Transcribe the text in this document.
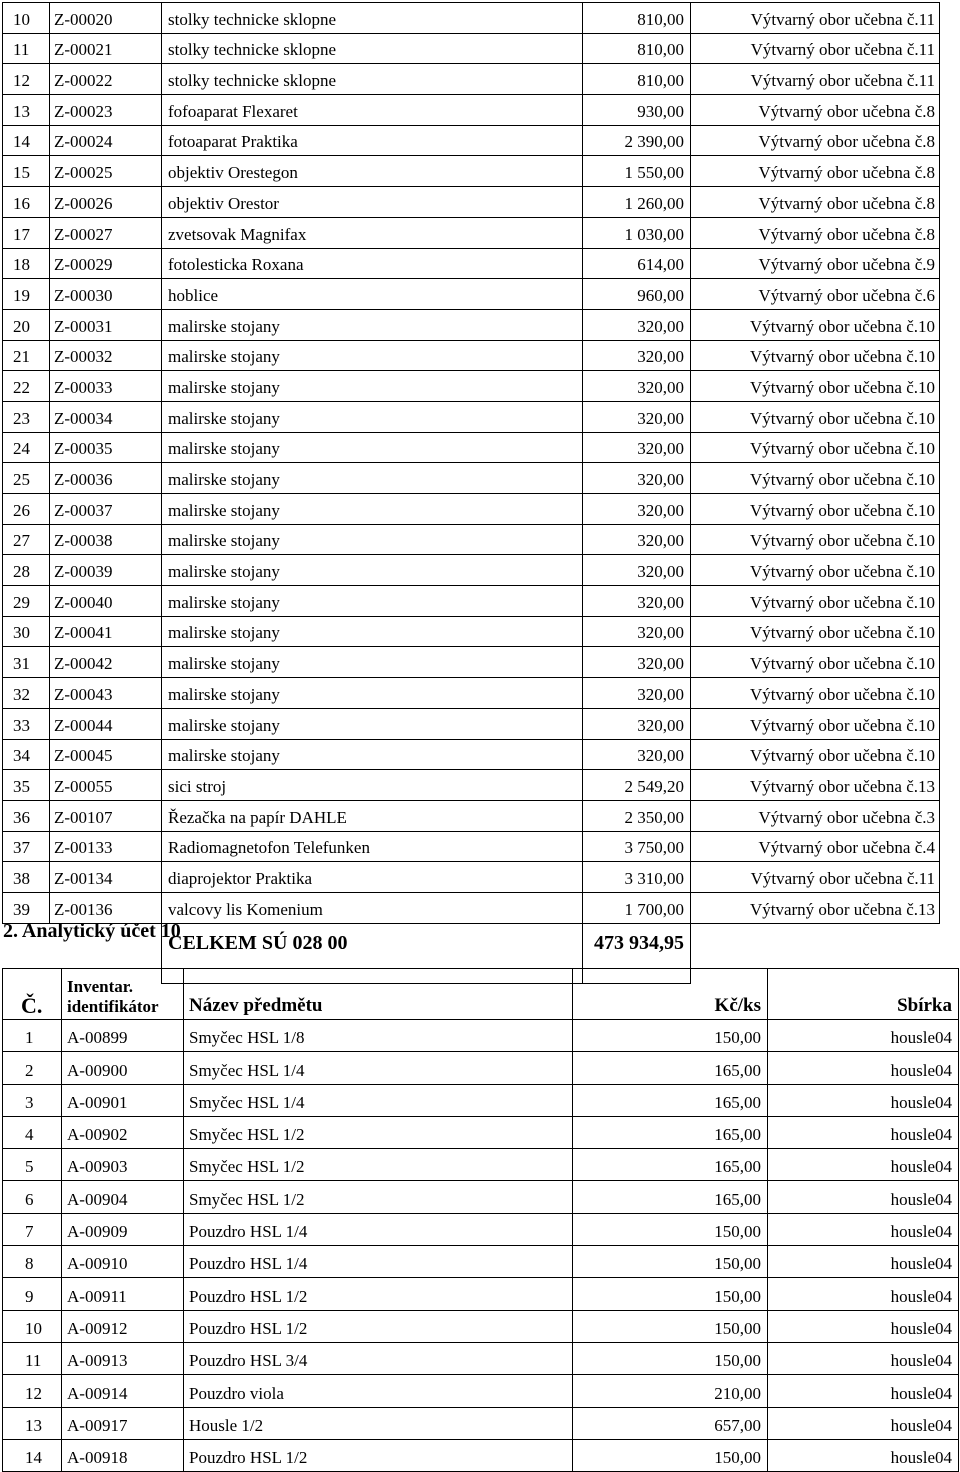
10	Z-00020	stolky technicke sklopne	810,00	Výtvarný obor učebna č.11
11	Z-00021	stolky technicke sklopne	810,00	Výtvarný obor učebna č.11
12	Z-00022	stolky technicke sklopne	810,00	Výtvarný obor učebna č.11
13	Z-00023	fofoaparat Flexaret	930,00	Výtvarný obor učebna č.8
14	Z-00024	fotoaparat Praktika	2 390,00	Výtvarný obor učebna č.8
15	Z-00025	objektiv Orestegon	1 550,00	Výtvarný obor učebna č.8
16	Z-00026	objektiv Orestor	1 260,00	Výtvarný obor učebna č.8
17	Z-00027	zvetsovak Magnifax	1 030,00	Výtvarný obor učebna č.8
18	Z-00029	fotolesticka Roxana	614,00	Výtvarný obor učebna č.9
19	Z-00030	hoblice	960,00	Výtvarný obor učebna č.6
20	Z-00031	malirske stojany	320,00	Výtvarný obor učebna č.10
21	Z-00032	malirske stojany	320,00	Výtvarný obor učebna č.10
22	Z-00033	malirske stojany	320,00	Výtvarný obor učebna č.10
23	Z-00034	malirske stojany	320,00	Výtvarný obor učebna č.10
24	Z-00035	malirske stojany	320,00	Výtvarný obor učebna č.10
25	Z-00036	malirske stojany	320,00	Výtvarný obor učebna č.10
26	Z-00037	malirske stojany	320,00	Výtvarný obor učebna č.10
27	Z-00038	malirske stojany	320,00	Výtvarný obor učebna č.10
28	Z-00039	malirske stojany	320,00	Výtvarný obor učebna č.10
29	Z-00040	malirske stojany	320,00	Výtvarný obor učebna č.10
30	Z-00041	malirske stojany	320,00	Výtvarný obor učebna č.10
31	Z-00042	malirske stojany	320,00	Výtvarný obor učebna č.10
32	Z-00043	malirske stojany	320,00	Výtvarný obor učebna č.10
33	Z-00044	malirske stojany	320,00	Výtvarný obor učebna č.10
34	Z-00045	malirske stojany	320,00	Výtvarný obor učebna č.10
35	Z-00055	sici stroj	2 549,20	Výtvarný obor učebna č.13
36	Z-00107	Řezačka na papír DAHLE	2 350,00	Výtvarný obor učebna č.3
37	Z-00133	Radiomagnetofon Telefunken	3 750,00	Výtvarný obor učebna č.4
38	Z-00134	diaprojektor Praktika	3 310,00	Výtvarný obor učebna č.11
39	Z-00136	valcovy lis Komenium	1 700,00	Výtvarný obor učebna č.13
		CELKEM SÚ 028 00	473 934,95	
2. Analytický účet 10
Č.	Inventar. identifikátor	Název předmětu	Kč/ks	Sbírka
1	A-00899	Smyčec HSL 1/8	150,00	housle04
2	A-00900	Smyčec HSL 1/4	165,00	housle04
3	A-00901	Smyčec HSL 1/4	165,00	housle04
4	A-00902	Smyčec HSL 1/2	165,00	housle04
5	A-00903	Smyčec HSL 1/2	165,00	housle04
6	A-00904	Smyčec HSL 1/2	165,00	housle04
7	A-00909	Pouzdro HSL 1/4	150,00	housle04
8	A-00910	Pouzdro HSL 1/4	150,00	housle04
9	A-00911	Pouzdro HSL 1/2	150,00	housle04
10	A-00912	Pouzdro HSL 1/2	150,00	housle04
11	A-00913	Pouzdro HSL 3/4	150,00	housle04
12	A-00914	Pouzdro viola	210,00	housle04
13	A-00917	Housle 1/2	657,00	housle04
14	A-00918	Pouzdro HSL 1/2	150,00	housle04
